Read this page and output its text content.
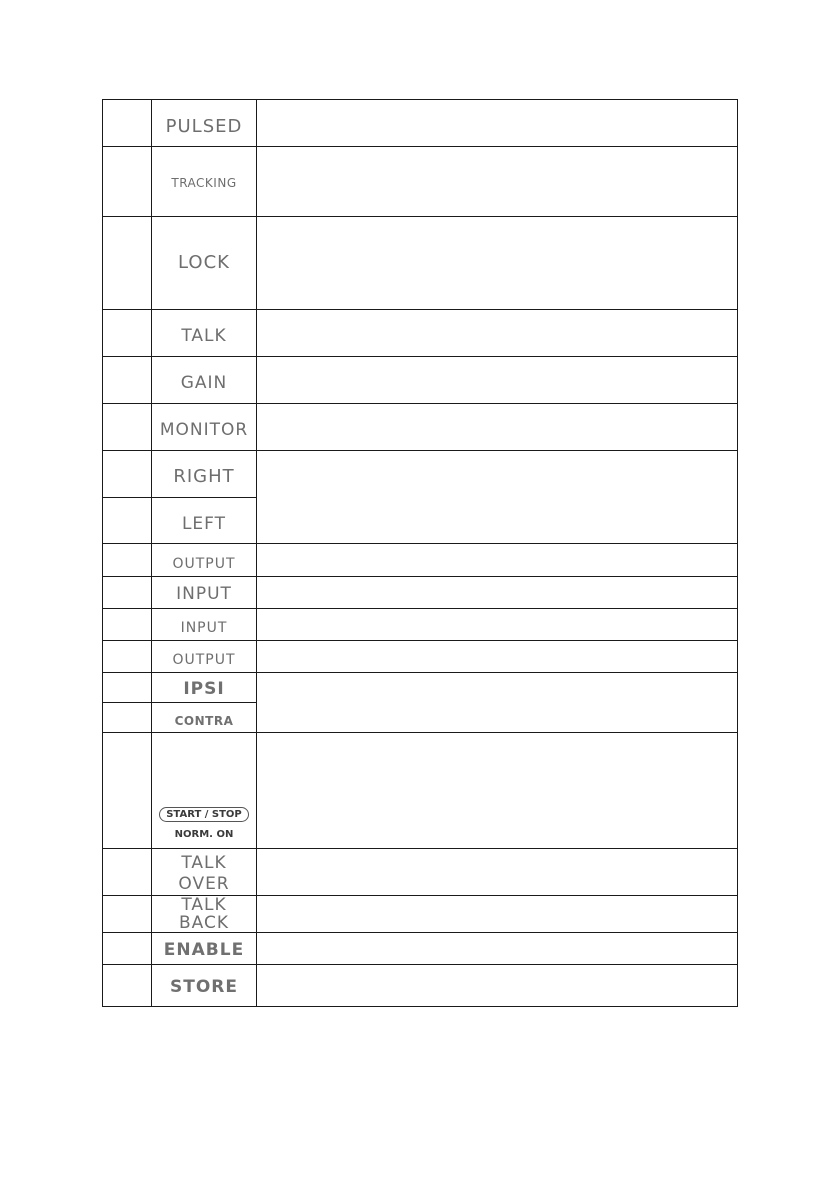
	PULSED	
	TRACKING	
	LOCK	
	TALK	
	GAIN	
	MONITOR	
	RIGHT	
	LEFT	
	OUTPUT	
	INPUT	
	INPUT	
	OUTPUT	
	IPSI	
	CONTRA	

	START / STOP
NORM. ON	

	TALK
OVER	

	TALK
BACK	

	ENABLE	
	STORE	
